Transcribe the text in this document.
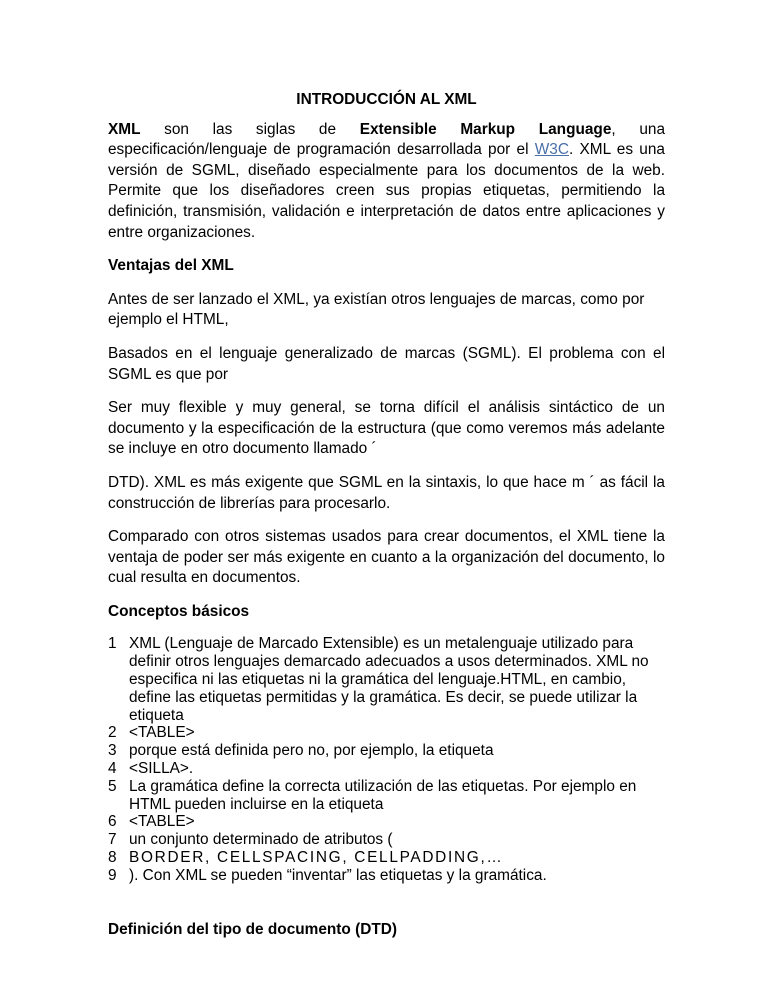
INTRODUCCIÓN AL XML

XML son las siglas de Extensible Markup Language, una especificación/lenguaje de programación desarrollada por el W3C. XML es una versión de SGML, diseñado especialmente para los documentos de la web. Permite que los diseñadores creen sus propias etiquetas, permitiendo la definición, transmisión, validación e interpretación de datos entre aplicaciones y entre organizaciones.

Ventajas del XML

Antes de ser lanzado el XML, ya existían otros lenguajes de marcas, como por ejemplo el HTML,

Basados en el lenguaje generalizado de marcas (SGML). El problema con el SGML es que por

Ser muy flexible y muy general, se torna difícil el análisis sintáctico de un documento y la especificación de la estructura (que como veremos más adelante se incluye en otro documento llamado ´

DTD). XML es más exigente que SGML en la sintaxis, lo que hace m ´ as fácil la construcción de librerías para procesarlo.

Comparado con otros sistemas usados para crear documentos, el XML tiene la ventaja de poder ser más exigente en cuanto a la organización del documento, lo cual resulta en documentos.

Conceptos básicos
1 XML (Lenguaje de Marcado Extensible) es un metalenguaje utilizado para definir otros lenguajes demarcado adecuados a usos determinados. XML no especifica ni las etiquetas ni la gramática del lenguaje.HTML, en cambio, define las etiquetas permitidas y la gramática. Es decir, se puede utilizar la etiqueta
2 <TABLE>
3 porque está definida pero no, por ejemplo, la etiqueta
4 <SILLA>.
5 La gramática define la correcta utilización de las etiquetas. Por ejemplo en HTML pueden incluirse en la etiqueta
6 <TABLE>
7 un conjunto determinado de atributos (
8 BORDER, CELLSPACING, CELLPADDING,…
9 ). Con XML se pueden “inventar” las etiquetas y la gramática.
Definición del tipo de documento (DTD)
